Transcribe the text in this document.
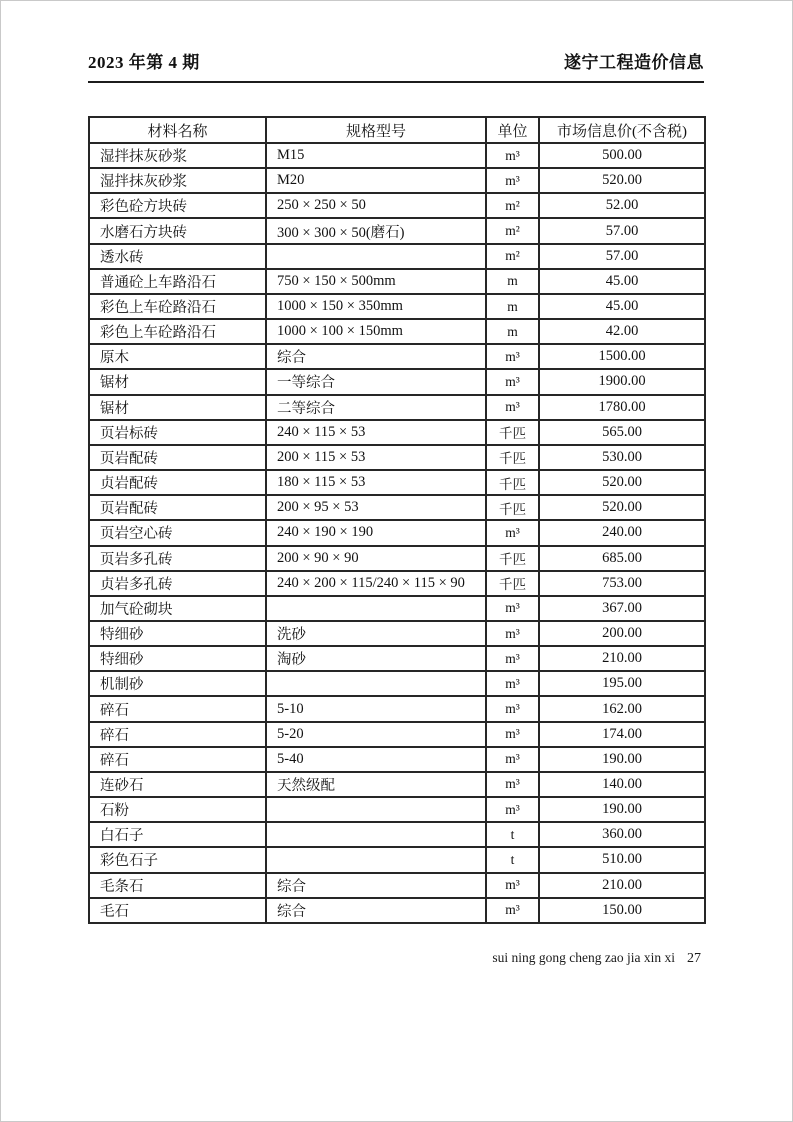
2023 年第 4 期	遂宁工程造价信息
材料名称	规格型号	单位	市场信息价(不含税)
湿拌抹灰砂浆	M15	m³	500.00
湿拌抹灰砂浆	M20	m³	520.00
彩色砼方块砖	250 × 250 × 50	m²	52.00
水磨石方块砖	300 × 300 × 50(磨石)	m²	57.00
透水砖		m²	57.00
普通砼上车路沿石	750 × 150 × 500mm	m	45.00
彩色上车砼路沿石	1000 × 150 × 350mm	m	45.00
彩色上车砼路沿石	1000 × 100 × 150mm	m	42.00
原木	综合	m³	1500.00
锯材	一等综合	m³	1900.00
锯材	二等综合	m³	1780.00
页岩标砖	240 × 115 × 53	千匹	565.00
页岩配砖	200 × 115 × 53	千匹	530.00
贞岩配砖	180 × 115 × 53	千匹	520.00
页岩配砖	200 × 95 × 53	千匹	520.00
页岩空心砖	240 × 190 × 190	m³	240.00
页岩多孔砖	200 × 90 × 90	千匹	685.00
贞岩多孔砖	240 × 200 × 115/240 × 115 × 90	千匹	753.00
加气砼砌块		m³	367.00
特细砂	洗砂	m³	200.00
特细砂	淘砂	m³	210.00
机制砂		m³	195.00
碎石	5-10	m³	162.00
碎石	5-20	m³	174.00
碎石	5-40	m³	190.00
连砂石	天然级配	m³	140.00
石粉		m³	190.00
白石子		t	360.00
彩色石子		t	510.00
毛条石	综合	m³	210.00
毛石	综合	m³	150.00
sui ning gong cheng zao jia xin xi 27
